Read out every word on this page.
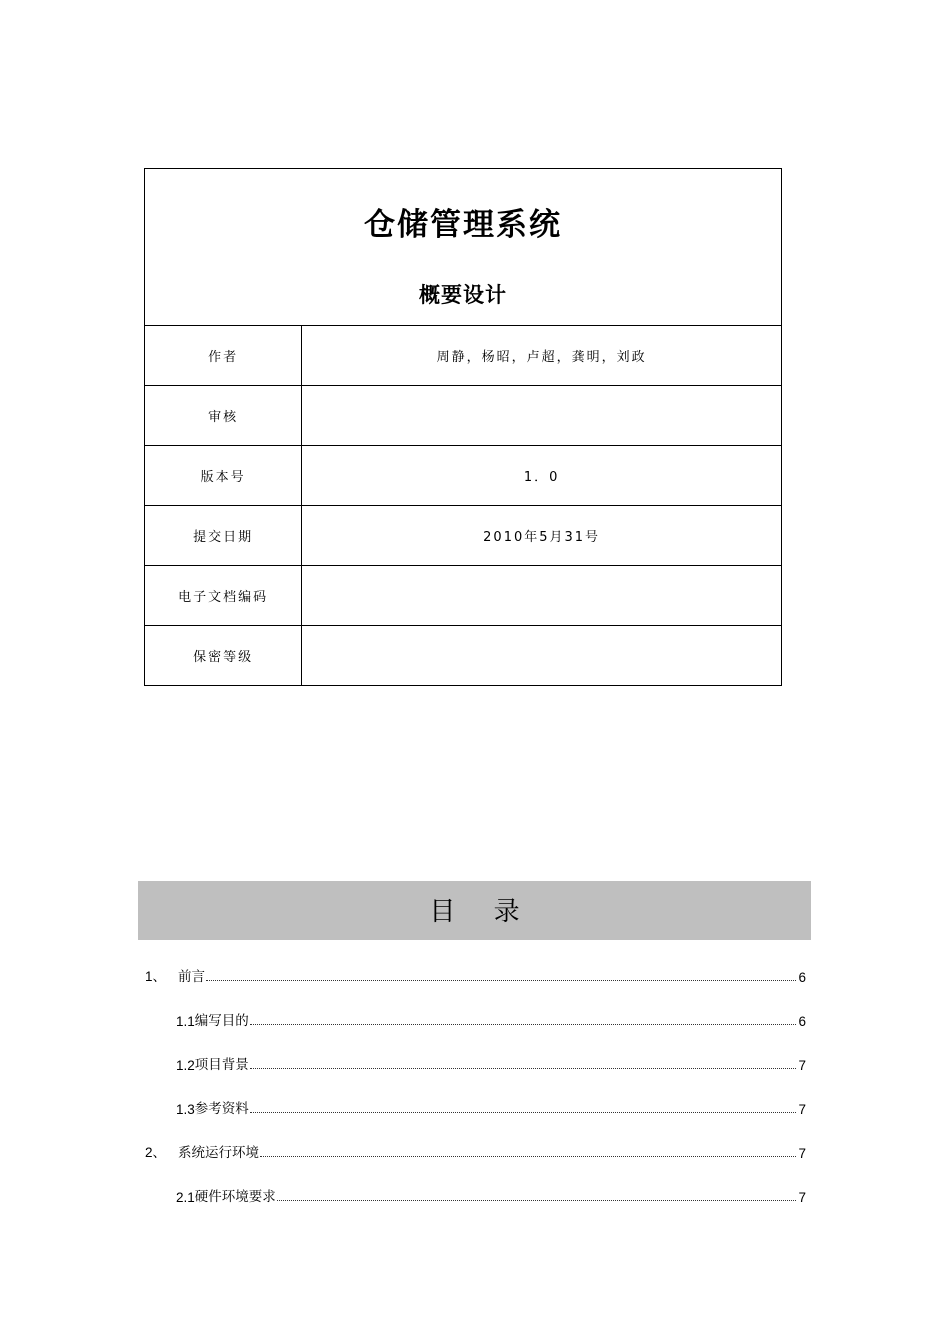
仓储管理系统
概要设计	

作者	周静，杨昭，卢超，龚明，刘政
审核	
版本号	1．0
提交日期	2010年5月31号
电子文档编码	
保密等级	
目 录
1、 前言	6
1.1 编写目的	6
1.2 项目背景	7
1.3 参考资料	7
2、 系统运行环境	7
2.1 硬件环境要求	7
